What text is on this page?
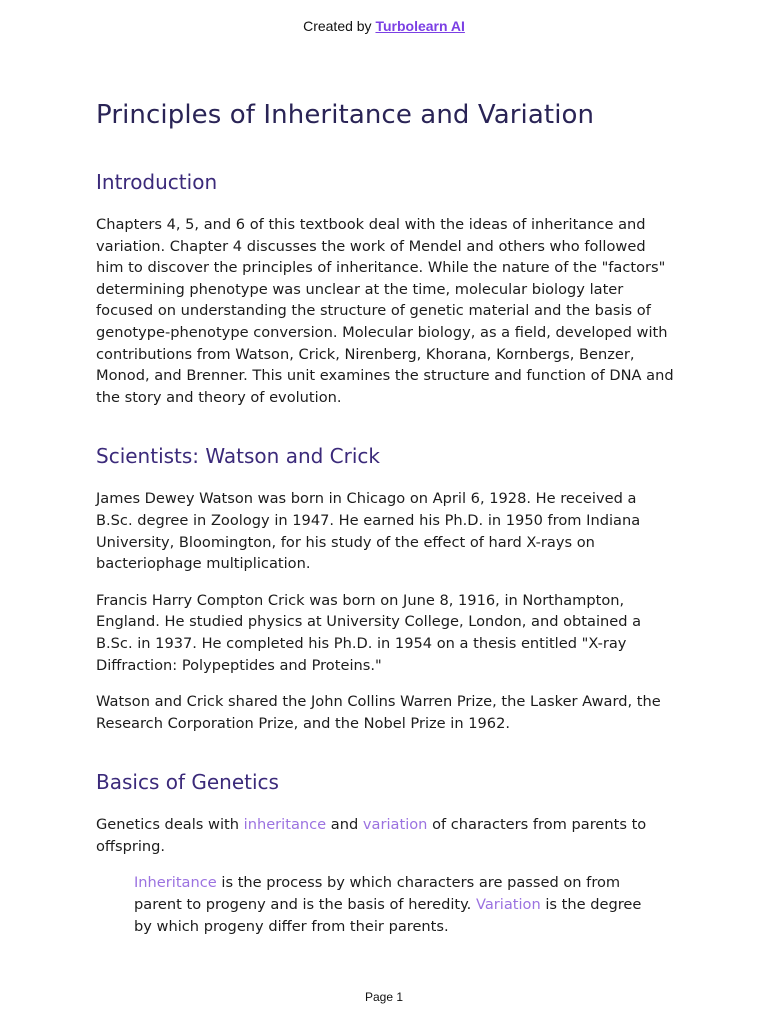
Created by Turbolearn AI
Principles of Inheritance and Variation
Introduction

Chapters 4, 5, and 6 of this textbook deal with the ideas of inheritance and variation. Chapter 4 discusses the work of Mendel and others who followed him to discover the principles of inheritance. While the nature of the "factors" determining phenotype was unclear at the time, molecular biology later focused on understanding the structure of genetic material and the basis of genotype-phenotype conversion. Molecular biology, as a field, developed with contributions from Watson, Crick, Nirenberg, Khorana, Kornbergs, Benzer, Monod, and Brenner. This unit examines the structure and function of DNA and the story and theory of evolution.

Scientists: Watson and Crick

James Dewey Watson was born in Chicago on April 6, 1928. He received a B.Sc. degree in Zoology in 1947. He earned his Ph.D. in 1950 from Indiana University, Bloomington, for his study of the effect of hard X-rays on bacteriophage multiplication.

Francis Harry Compton Crick was born on June 8, 1916, in Northampton, England. He studied physics at University College, London, and obtained a B.Sc. in 1937. He completed his Ph.D. in 1954 on a thesis entitled "X-ray Diffraction: Polypeptides and Proteins."

Watson and Crick shared the John Collins Warren Prize, the Lasker Award, the Research Corporation Prize, and the Nobel Prize in 1962.

Basics of Genetics

Genetics deals with inheritance and variation of characters from parents to offspring.

Inheritance is the process by which characters are passed on from parent to progeny and is the basis of heredity. Variation is the degree by which progeny differ from their parents.

Page 1
